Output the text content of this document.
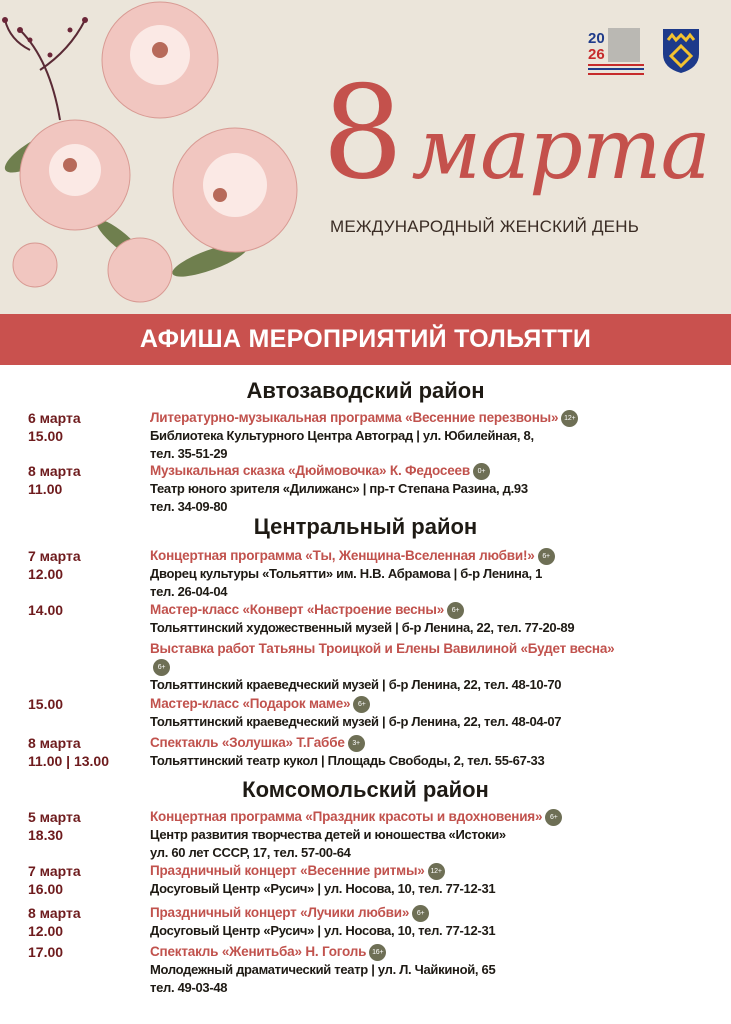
20
26
8марта
МЕЖДУНАРОДНЫЙ ЖЕНСКИЙ ДЕНЬ
АФИША МЕРОПРИЯТИЙ ТОЛЬЯТТИ
Автозаводский район
6 марта
15.00
Литературно-музыкальная программа «Весенние перезвоны» 12+
Библиотека Культурного Центра Автоград | ул. Юбилейная, 8,
тел. 35-51-29
8 марта
11.00
Музыкальная сказка «Дюймовочка» К. Федосеев 0+
Театр юного зрителя «Дилижанс» | пр-т Степана Разина, д.93
тел. 34-09-80
Центральный район
7 марта
12.00
Концертная программа «Ты, Женщина-Вселенная любви!» 6+
Дворец культуры «Тольятти» им. Н.В. Абрамова | б-р Ленина, 1
тел. 26-04-04
14.00	Мастер-класс «Конверт «Настроение весны» 6+
Тольяттинский художественный музей | б-р Ленина, 22, тел. 77-20-89
Выставка работ Татьяны Троицкой и Елены Вавилиной «Будет весна»6+
Тольяттинский краеведческий музей | б-р Ленина, 22, тел. 48-10-70
15.00	Мастер-класс «Подарок маме» 6+
Тольяттинский краеведческий музей | б-р Ленина, 22, тел. 48-04-07
8 марта
11.00 | 13.00
Спектакль «Золушка» Т.Габбе 3+
Тольяттинский театр кукол | Площадь Свободы, 2, тел. 55-67-33
Комсомольский район
5 марта
18.30
Концертная программа «Праздник красоты и вдохновения» 6+
Центр развития творчества детей и юношества «Истоки»
ул. 60 лет СССР, 17, тел. 57-00-64
7 марта
16.00
Праздничный концерт «Весенние ритмы» 12+
Досуговый Центр «Русич» | ул. Носова, 10, тел. 77-12-31
8 марта
12.00
Праздничный концерт «Лучики любви» 6+
Досуговый Центр «Русич» | ул. Носова, 10, тел. 77-12-31
17.00	Спектакль «Женитьба» Н. Гоголь 16+
Молодежный драматический театр | ул. Л. Чайкиной, 65
тел. 49-03-48
